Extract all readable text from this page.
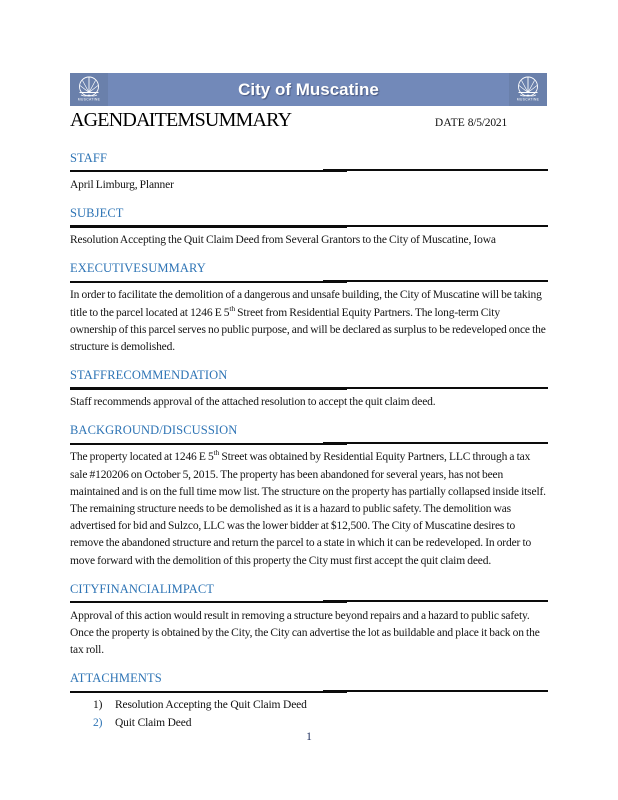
MUSCATINE
City of Muscatine
MUSCATINE
AGENDA ITEM SUMMARY	DATE 8/5/2021
STAFF

April Limburg, Planner

SUBJECT

Resolution Accepting the Quit Claim Deed from Several Grantors to the City of Muscatine, Iowa

EXECUTIVE SUMMARY

In order to facilitate the demolition of a dangerous and unsafe building, the City of Muscatine will be taking title to the parcel located at 1246 E 5th Street from Residential Equity Partners. The long-term City ownership of this parcel serves no public purpose, and will be declared as surplus to be redeveloped once the structure is demolished.

STAFF RECOMMENDATION

Staff recommends approval of the attached resolution to accept the quit claim deed.

BACKGROUND/DISCUSSION

The property located at 1246 E 5th Street was obtained by Residential Equity Partners, LLC through a tax sale #120206 on October 5, 2015. The property has been abandoned for several years, has not been maintained and is on the full time mow list. The structure on the property has partially collapsed inside itself. The remaining structure needs to be demolished as it is a hazard to public safety. The demolition was advertised for bid and Sulzco, LLC was the lower bidder at $12,500. The City of Muscatine desires to remove the abandoned structure and return the parcel to a state in which it can be redeveloped. In order to move forward with the demolition of this property the City must first accept the quit claim deed.

CITY FINANCIAL IMPACT

Approval of this action would result in removing a structure beyond repairs and a hazard to public safety. Once the property is obtained by the City, the City can advertise the lot as buildable and place it back on the tax roll.

ATTACHMENTS
1)	Resolution Accepting the Quit Claim Deed
2)	Quit Claim Deed
1
